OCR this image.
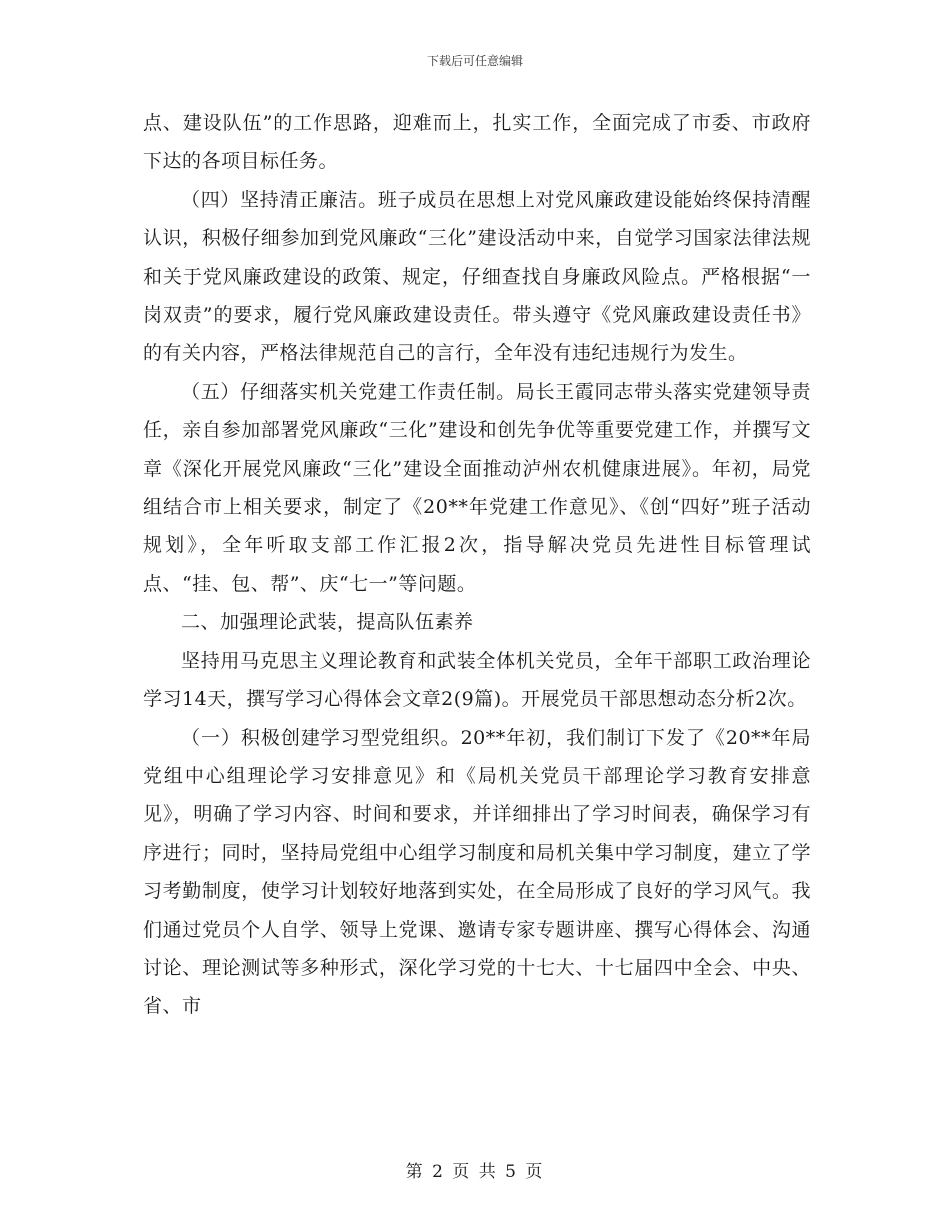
下载后可任意编辑

点、建设队伍”的工作思路，迎难而上，扎实工作，全面完成了市委、市政府下达的各项目标任务。

（四）坚持清正廉洁。班子成员在思想上对党风廉政建设能始终保持清醒认识，积极仔细参加到党风廉政“三化”建设活动中来，自觉学习国家法律法规和关于党风廉政建设的政策、规定，仔细查找自身廉政风险点。严格根据“一岗双责”的要求，履行党风廉政建设责任。带头遵守《党风廉政建设责任书》的有关内容，严格法律规范自己的言行，全年没有违纪违规行为发生。

（五）仔细落实机关党建工作责任制。局长王霞同志带头落实党建领导责任，亲自参加部署党风廉政“三化”建设和创先争优等重要党建工作，并撰写文章《深化开展党风廉政“三化”建设全面推动泸州农机健康进展》。年初，局党组结合市上相关要求，制定了《20**年党建工作意见》、《创“四好”班子活动规划》，全年听取支部工作汇报2次，指导解决党员先进性目标管理试点、“挂、包、帮”、庆“七一”等问题。

二、加强理论武装，提高队伍素养

坚持用马克思主义理论教育和武装全体机关党员，全年干部职工政治理论学习14天，撰写学习心得体会文章2(9篇)。开展党员干部思想动态分析2次。

（一）积极创建学习型党组织。20**年初，我们制订下发了《20**年局党组中心组理论学习安排意见》和《局机关党员干部理论学习教育安排意见》，明确了学习内容、时间和要求，并详细排出了学习时间表，确保学习有序进行；同时，坚持局党组中心组学习制度和局机关集中学习制度，建立了学习考勤制度，使学习计划较好地落到实处，在全局形成了良好的学习风气。我们通过党员个人自学、领导上党课、邀请专家专题讲座、撰写心得体会、沟通讨论、理论测试等多种形式，深化学习党的十七大、十七届四中全会、中央、省、市

第 2 页 共 5 页
